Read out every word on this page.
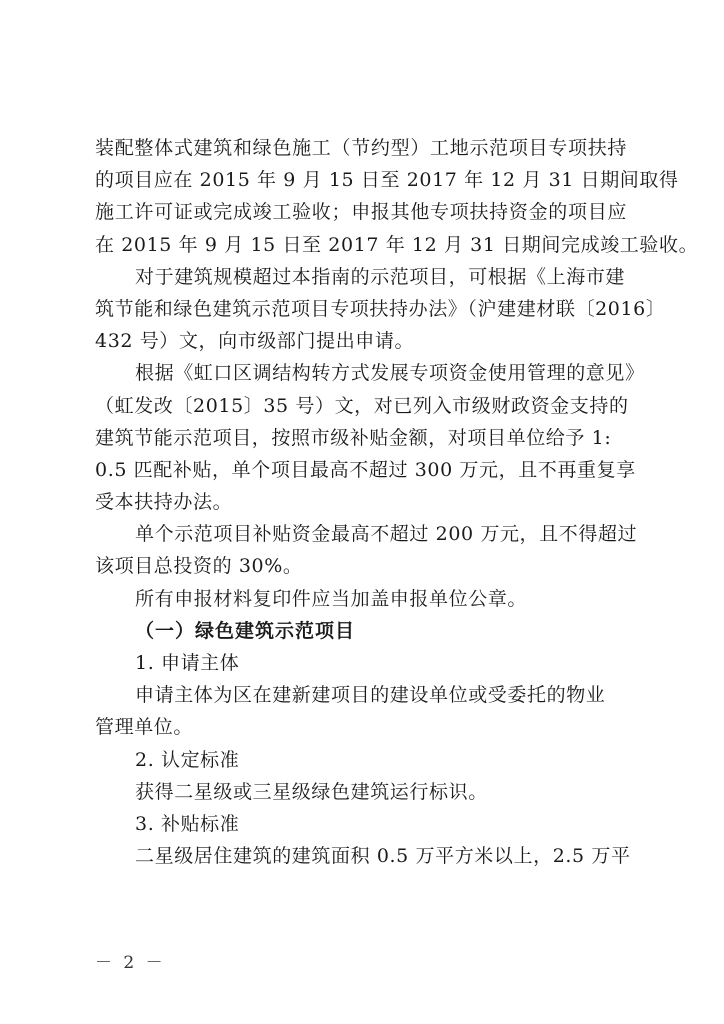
装配整体式建筑和绿色施工（节约型）工地示范项目专项扶持
的项目应在 2015 年 9 月 15 日至 2017 年 12 月 31 日期间取得
施工许可证或完成竣工验收；申报其他专项扶持资金的项目应
在 2015 年 9 月 15 日至 2017 年 12 月 31 日期间完成竣工验收。
对于建筑规模超过本指南的示范项目，可根据《上海市建
筑节能和绿色建筑示范项目专项扶持办法》（沪建建材联〔2016〕
432 号）文，向市级部门提出申请。
根据《虹口区调结构转方式发展专项资金使用管理的意见》
（虹发改〔2015〕35 号）文，对已列入市级财政资金支持的
建筑节能示范项目，按照市级补贴金额，对项目单位给予 1:
0.5 匹配补贴，单个项目最高不超过 300 万元，且不再重复享
受本扶持办法。
单个示范项目补贴资金最高不超过 200 万元，且不得超过
该项目总投资的 30%。
所有申报材料复印件应当加盖申报单位公章。
（一）绿色建筑示范项目
1. 申请主体
申请主体为区在建新建项目的建设单位或受委托的物业
管理单位。
2. 认定标准
获得二星级或三星级绿色建筑运行标识。
3. 补贴标准
二星级居住建筑的建筑面积 0.5 万平方米以上，2.5 万平
－ 2 －
